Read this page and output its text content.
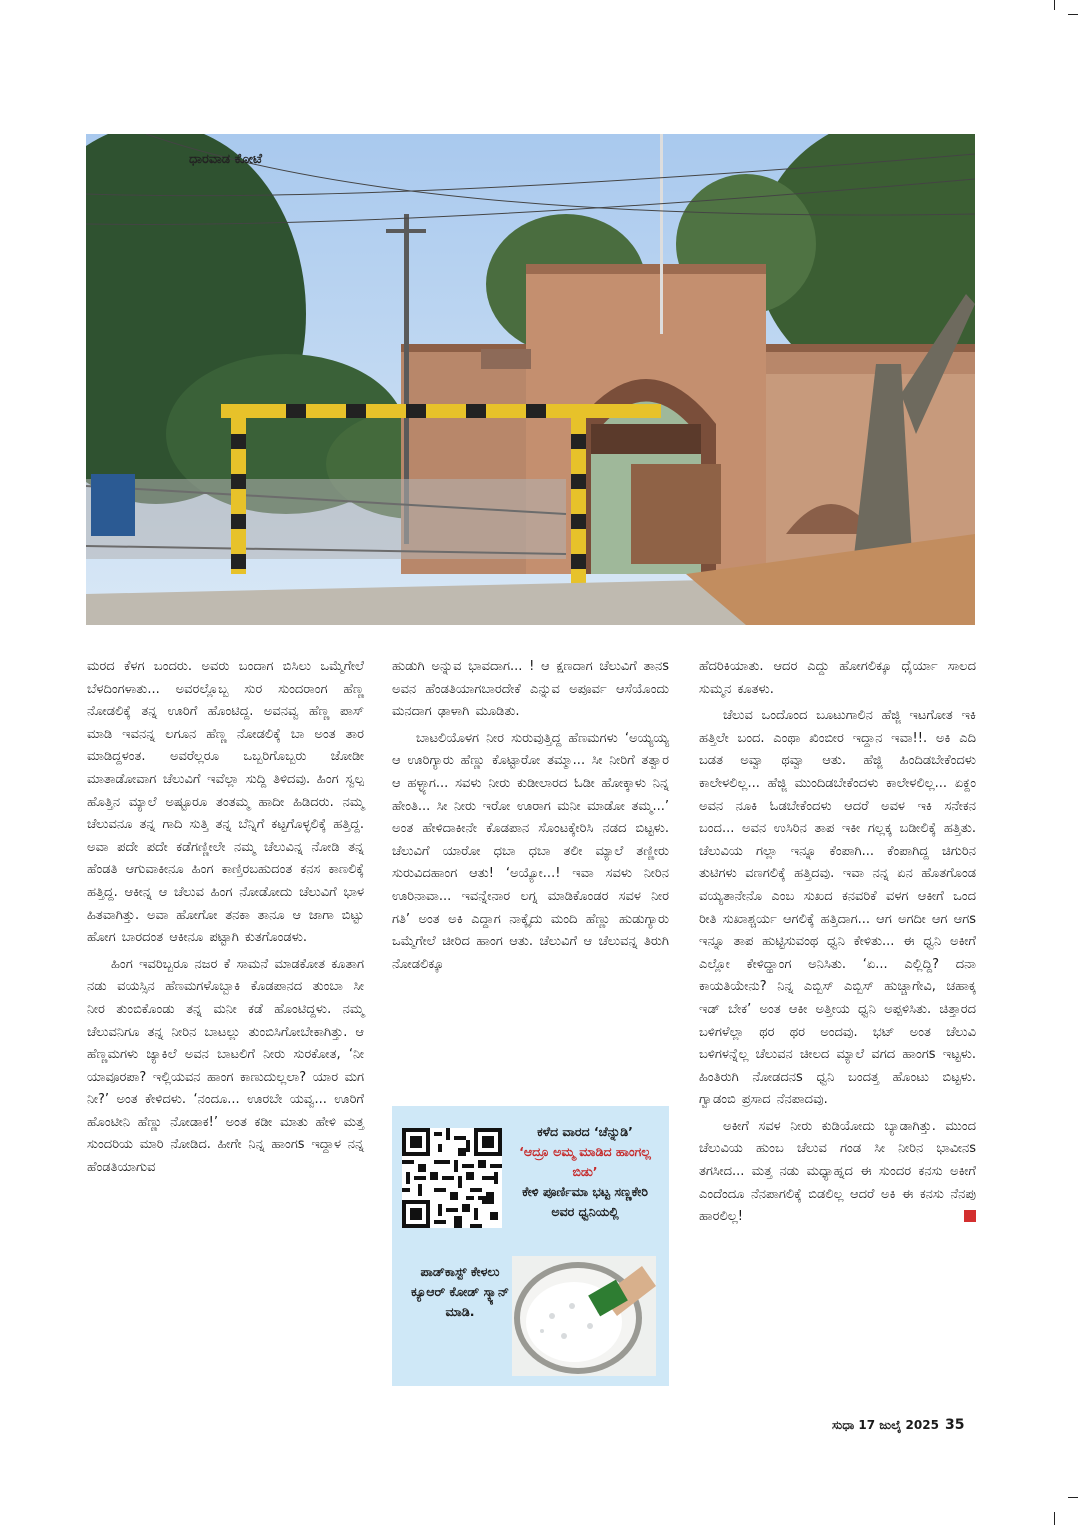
ಧಾರವಾಡ ಕೋಟೆ

ಮರದ ಕೆಳಗ ಬಂದರು. ಅವರು ಬಂದಾಗ ಬಿಸಿಲು ಒಮ್ಮೆಗೇಲೆ ಬೆಳದಿಂಗಳಾತು... ಅವರಲ್ಲೊಬ್ಬ ಸುರ ಸುಂದರಾಂಗ ಹೆಣ್ಣ ನೋಡಲಿಕ್ಕೆ ತನ್ನ ಊರಿಗೆ ಹೊಂಟಿದ್ದ. ಅವನವ್ವ ಹೆಣ್ಣ ಪಾಸ್ ಮಾಡಿ ಇವನನ್ನ ಲಗೂನ ಹೆಣ್ಣ ನೋಡಲಿಕ್ಕೆ ಬಾ ಅಂತ ತಾರ ಮಾಡಿದ್ದಳಂತ. ಅವರೆಲ್ಲರೂ ಒಬ್ಬರಿಗೊಬ್ಬರು ಜೋಡೀ ಮಾತಾಡೋವಾಗ ಚೆಲುವಿಗೆ ಇವೆಲ್ಲಾ ಸುದ್ದಿ ತಿಳಿದವು. ಹಿಂಗ ಸ್ವಲ್ಪ ಹೊತ್ತಿನ ಮ್ಯಾಲೆ ಅಷ್ಟೂರೂ ತಂತಮ್ಮ ಹಾದೀ ಹಿಡಿದರು. ನಮ್ಮ ಚೆಲುವನೂ ತನ್ನ ಗಾದಿ ಸುತ್ತಿ ತನ್ನ ಬೆನ್ನಿಗೆ ಕಟ್ಟಗೊಳ್ಳಲಿಕ್ಕೆ ಹತ್ತಿದ್ದ. ಅವಾ ಪದೇ ಪದೇ ಕಡೆಗಣ್ಣೀಲೇ ನಮ್ಮ ಚೆಲುವಿನ್ನ ನೋಡಿ ತನ್ನ ಹೆಂಡತಿ ಆಗುವಾಕೀನೂ ಹಿಂಗ ಕಾಣ್ತಿರಬಹುದಂತ ಕನಸ ಕಾಣಲಿಕ್ಕೆ ಹತ್ತಿದ್ದ. ಆಕೀನ್ನ ಆ ಚೆಲುವ ಹಿಂಗ ನೋಡೋದು ಚೆಲುವಿಗೆ ಭಾಳ ಹಿತವಾಗಿತ್ತು. ಅವಾ ಹೋಗೋ ತನಕಾ ತಾನೂ ಆ ಜಾಗಾ ಬಿಟ್ಟು ಹೋಗ ಬಾರದಂತ ಆಕೀನೂ ಪಟ್ಟಾಗಿ ಕುತಗೊಂಡಳು.

ಹಿಂಗ ಇವರಿಬ್ಬರೂ ನಜರ ಕೆ ಸಾಮನೆ ಮಾಡಕೋತ ಕೂತಾಗ ನಡು ವಯಸ್ಸಿನ ಹೆಣಮಗಳೊಬ್ಬಾಕಿ ಕೊಡಪಾನದ ತುಂಬಾ ಸೀ ನೀರ ತುಂಬಿಕೊಂಡು ತನ್ನ ಮನೀ ಕಡೆ ಹೊಂಟಿದ್ದಳು. ನಮ್ಮ ಚೆಲುವನಿಗೂ ತನ್ನ ನೀರಿನ ಬಾಟಲ್ಲು ತುಂಬಿಸಿಗೋಬೇಕಾಗಿತ್ತು. ಆ ಹೆಣ್ಣಮಗಳು ಜ್ಯಾಕಿಲೆ ಅವನ ಬಾಟಲಿಗೆ ನೀರು ಸುರಕೋತ, ‘ನೀ ಯಾವೂರಪಾ? ಇಲ್ಲಿಯವನ ಹಾಂಗ ಕಾಣುದುಲ್ಲಲಾ? ಯಾರ ಮಗ ನೀ?’ ಅಂತ ಕೇಳಿದಳು. ‘ನಂದೂ... ಊರಬೇ ಯವ್ವ... ಊರಿಗೆ ಹೊಂಟೀನಿ ಹೆಣ್ಣು ನೋಡಾಕ!’ ಅಂತ ಕಡೀ ಮಾತು ಹೇಳಿ ಮತ್ತ ಸುಂದರಿಯ ಮಾರಿ ನೋಡಿದ. ಹೀಗೇ ನಿನ್ನ ಹಾಂಗs ಇದ್ದಾಳ ನನ್ನ ಹೆಂಡತಿಯಾಗುವ

ಹುಡುಗಿ ಅನ್ನುವ ಭಾವದಾಗ... ! ಆ ಕ್ಷಣದಾಗ ಚೆಲುವಿಗೆ ತಾನs ಅವನ ಹೆಂಡತಿಯಾಗಬಾರದೇಕೆ ಎನ್ನುವ ಅಪೂರ್ವ ಆಸೆಯೊಂದು ಮನದಾಗ ಢಾಳಾಗಿ ಮೂಡಿತು.

ಬಾಟಲಿಯೊಳಗ ನೀರ ಸುರುವುತ್ತಿದ್ದ ಹೆಣಮಗಳು ‘ಅಯ್ಯಯ್ಯ ಆ ಊರಿಗ್ಯಾರು ಹೆಣ್ಣು ಕೊಟ್ಟಾರೋ ತಮ್ಮಾ... ಸೀ ನೀರಿಗೆ ತತ್ವಾರ ಆ ಹಳ್ಳ್ಯಾಗ... ಸವಳು ನೀರು ಕುಡೀಲಾರದ ಓಡೀ ಹೋಕ್ಕಾಳು ನಿನ್ನ ಹೇಂತಿ... ಸೀ ನೀರು ಇರೋ ಊರಾಗ ಮನೀ ಮಾಡೋ ತಮ್ಮ...’ ಅಂತ ಹೇಳಿದಾಕೀನೇ ಕೊಡಪಾನ ಸೊಂಟಕ್ಕೇರಿಸಿ ನಡದ ಬಿಟ್ಟಳು. ಚೆಲುವಿಗೆ ಯಾರೋ ಧಬಾ ಧಬಾ ತಲೀ ಮ್ಯಾಲೆ ತಣ್ಣೀರು ಸುರುವಿದಹಾಂಗ ಆತು! ‘ಅಯ್ಯೋ...! ಇವಾ ಸವಳು ನೀರಿನ ಊರಿನಾವಾ... ಇವನ್ನೇನಾರ ಲಗ್ನ ಮಾಡಿಕೊಂಡರ ಸವಳ ನೀರ ಗತಿ’ ಅಂತ ಅಕಿ ಎದ್ದಾಗ ನಾಕ್ಕೈದು ಮಂದಿ ಹೆಣ್ಣು ಹುಡುಗ್ಯಾರು ಒಮ್ಮೆಗೇಲೆ ಚೀರಿದ ಹಾಂಗ ಆತು. ಚೆಲುವಿಗೆ ಆ ಚೆಲುವನ್ನ ತಿರುಗಿ ನೋಡಲಿಕ್ಕೂ

ಕಳೆದ ವಾರದ ‘ಚೆನ್ನುಡಿ’
‘ಆದ್ರೂ ಅಮ್ಮ ಮಾಡಿದ ಹಾಂಗಲ್ಲ ಬಿಡು’
ಕೇಳಿ ಪೂರ್ಣಿಮಾ ಭಟ್ಟ ಸಣ್ಣಕೇರಿ ಅವರ ಧ್ವನಿಯಲ್ಲಿ
ಪಾಡ್‌ಕಾಸ್ಟ್ ಕೇಳಲು ಕ್ಯೂಆರ್ ಕೋಡ್ ಸ್ಕ್ಯಾನ್ ಮಾಡಿ.

ಹೆದರಿಕಿಯಾತು. ಆದರ ಎದ್ದು ಹೋಗಲಿಕ್ಕೂ ಧೈರ್ಯಾ ಸಾಲದ ಸುಮ್ಮನ ಕೂತಳು.

ಚೆಲುವ ಒಂದೊಂದ ಬೂಟುಗಾಲಿನ ಹೆಜ್ಜಿ ಇಟಗೋತ ಇಕಿ ಹತ್ತಿಲೇ ಬಂದ. ಎಂಥಾ ಖಿಂಬೀರ ಇದ್ದಾನ ಇವಾ!!. ಅಕಿ ಎದಿ ಬಡತ ಅವ್ವಾ ಥವ್ವಾ ಆತು. ಹೆಜ್ಜಿ ಹಿಂದಿಡಬೇಕೆಂದಳು ಕಾಲೇಳಲಿಲ್ಲ... ಹೆಜ್ಜಿ ಮುಂದಿಡಬೇಕೆಂದಳು ಕಾಲೇಳಲಿಲ್ಲ... ಏಕ್ದಂ ಅವನ ನೂಕಿ ಓಡಬೇಕೆಂದಳು ಆದರೆ ಅವಳ ಇಕಿ ಸನೇಕನ ಬಂದ... ಅವನ ಉಸಿರಿನ ತಾಪ ಇಕೀ ಗಲ್ಲಕ್ಕ ಬಡೀಲಿಕ್ಕೆ ಹತ್ತಿತು. ಚೆಲುವಿಯ ಗಲ್ಲಾ ಇನ್ನೂ ಕೆಂಪಾಗಿ... ಕೆಂಪಾಗಿದ್ದ ಚಿಗುರಿನ ತುಟಿಗಳು ವಣಗಲಿಕ್ಕೆ ಹತ್ತಿದವು. ಇವಾ ನನ್ನ ಏನ ಹೊತಗೊಂಡ ವಯ್ಯತಾನೇನೊ ಎಂಬ ಸುಖದ ಕನವರಿಕೆ ವಳಗ ಆಕೀಗೆ ಒಂದ ರೀತಿ ಸುಖಾಶ್ಚರ್ಯ ಆಗಲಿಕ್ಕೆ ಹತ್ತಿದಾಗ... ಆಗ ಅಗದೀ ಆಗ ಆಗs ಇನ್ನೂ ತಾಪ ಹುಟ್ಟಿಸುವಂಥ ಧ್ವನಿ ಕೇಳಿತು... ಈ ಧ್ವನಿ ಅಕೀಗೆ ಎಲ್ಲೋ ಕೇಳಿದ್ಹಾಂಗ ಅನಿಸಿತು. ‘ಏ... ಎಲ್ಲಿದ್ದಿ? ದನಾ ಕಾಯತಿಯೇನು? ನಿನ್ನ ಎಬ್ಬಿಸ್ ಎಬ್ಬಿಸ್ ಹುಚ್ಚಾಗೇವಿ, ಚಹಾಕ್ಕ ಇಡ್ ಬೇಕ’ ಅಂತ ಆಕೀ ಅತ್ತೀಯ ಧ್ವನಿ ಅಪ್ಪಳಿಸಿತು. ಚಿತ್ತಾರದ ಬಳಿಗಳೆಲ್ಲಾ ಥರ ಥರ ಅಂದವು. ಭಟ್ ಅಂತ ಚೆಲುವಿ ಬಳಿಗಳನ್ನೆಲ್ಲ ಚೆಲುವನ ಚೀಲದ ಮ್ಯಾಲೆ ವಗದ ಹಾಂಗs ಇಟ್ಟಳು. ಹಿಂತಿರುಗಿ ನೋಡದನs ಧ್ವನಿ ಬಂದತ್ತ ಹೊಂಟು ಬಿಟ್ಟಳು. ಗ್ವಾಡಂಬಿ ಪ್ರಸಾದ ನೆನಪಾದವು.

ಅಕೀಗೆ ಸವಳ ನೀರು ಕುಡಿಯೋದು ಬ್ಯಾಡಾಗಿತ್ತು. ಮುಂದ ಚೆಲುವಿಯ ಹುಂಬ ಚೆಲುವ ಗಂಡ ಸೀ ನೀರಿನ ಭಾವೀನs ತಗಸೀದ... ಮತ್ತ ನಡು ಮಧ್ಯಾಹ್ನದ ಈ ಸುಂದರ ಕನಸು ಅಕೀಗೆ ಎಂದೆಂದೂ ನೆನಪಾಗಲಿಕ್ಕೆ ಬಿಡಲಿಲ್ಲ ಆದರೆ ಅಕಿ ಈ ಕನಸು ನೆನಪು ಹಾರಲಿಲ್ಲ!

ಸುಧಾ 17 ಜುಲೈ 2025 35
